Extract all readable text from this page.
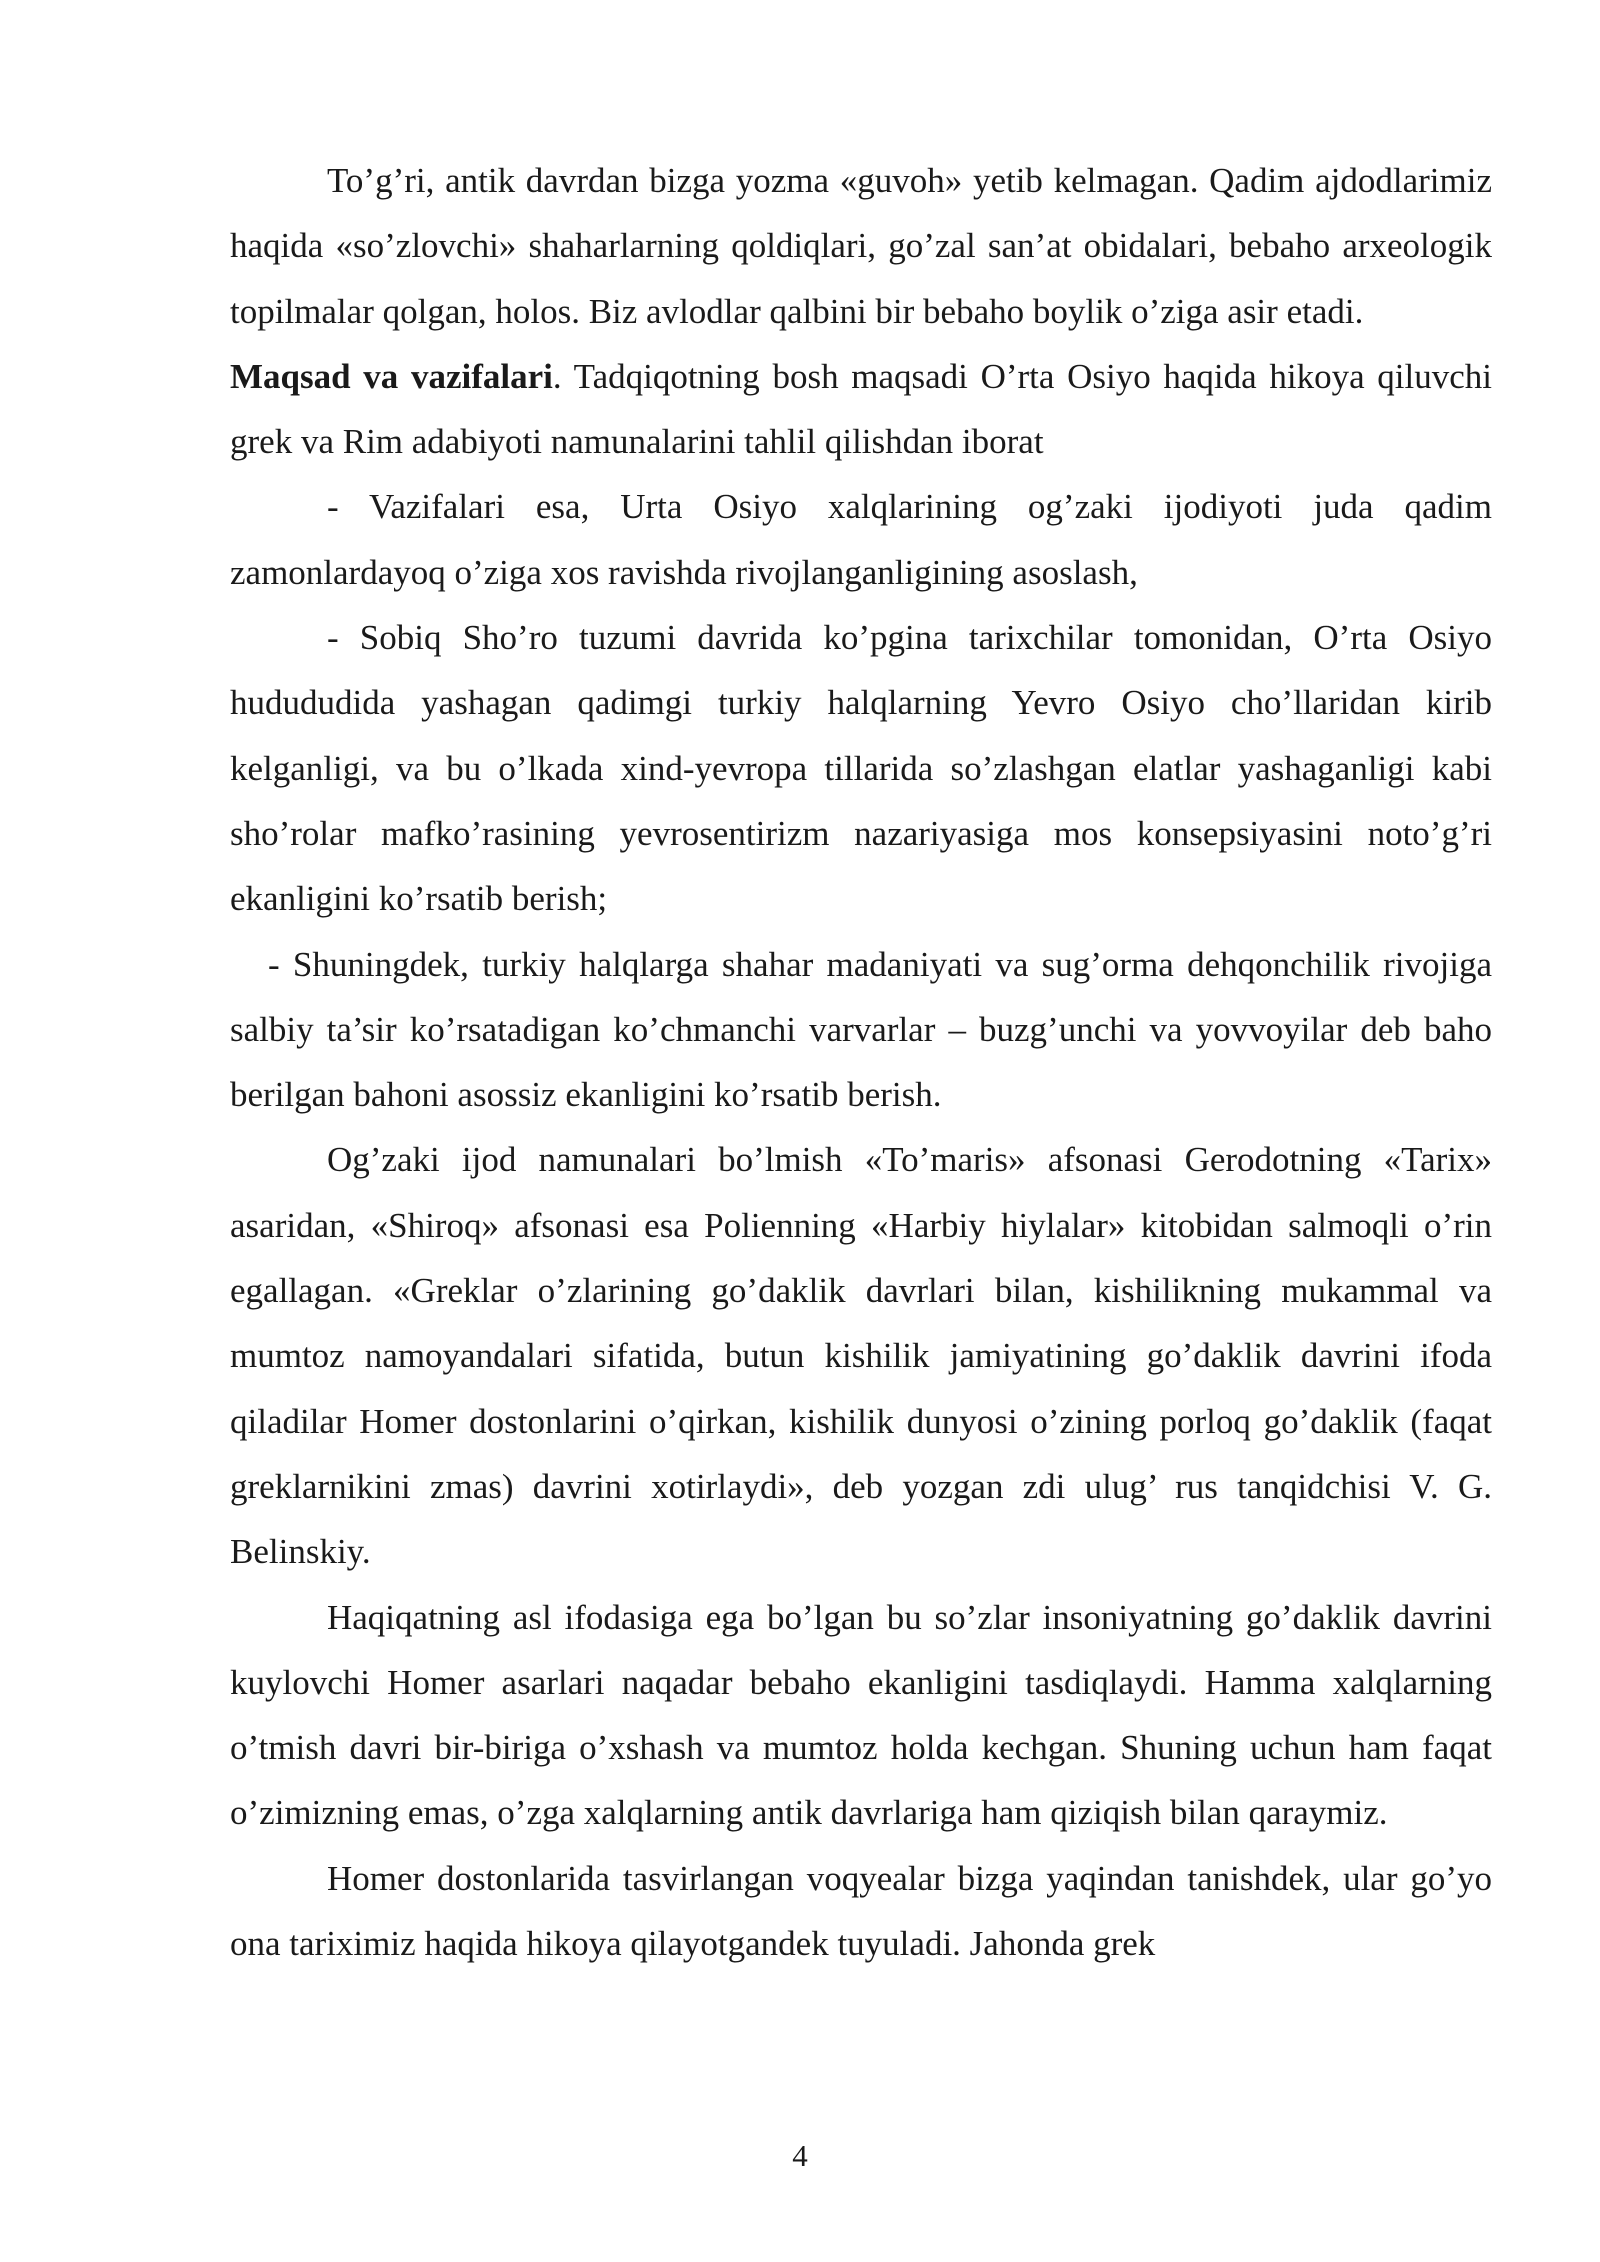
To’g’ri, antik davrdan bizga yozma «guvoh» yetib kelmagan. Qadim ajdodlarimiz haqida «so’zlovchi» shaharlarning qoldiqlari, go’zal san’at obidalari, bebaho arxeologik topilmalar qolgan, holos. Biz avlodlar qalbini bir bebaho boylik o’ziga asir etadi.

Maqsad va vazifalari. Tadqiqotning bosh maqsadi O’rta Osiyo haqida hikoya qiluvchi grek va Rim adabiyoti namunalarini tahlil qilishdan iborat

- Vazifalari esa, Urta Osiyo xalqlarining og’zaki ijodiyoti juda qadim zamonlardayoq o’ziga xos ravishda rivojlanganligining asoslash,

- Sobiq Sho’ro tuzumi davrida ko’pgina tarixchilar tomonidan, O’rta Osiyo hudududida yashagan qadimgi turkiy halqlarning Yevro Osiyo cho’llaridan kirib kelganligi, va bu o’lkada xind-yevropa tillarida so’zlashgan elatlar yashaganligi kabi sho’rolar mafko’rasining yevrosentirizm nazariyasiga mos konsepsiyasini noto’g’ri ekanligini ko’rsatib berish;

- Shuningdek, turkiy halqlarga shahar madaniyati va sug’orma dehqonchilik rivojiga salbiy ta’sir ko’rsatadigan ko’chmanchi varvarlar – buzg’unchi va yovvoyilar deb baho berilgan bahoni asossiz ekanligini ko’rsatib berish.

Og’zaki ijod namunalari bo’lmish «To’maris» afsonasi Gerodotning «Tarix» asaridan, «Shiroq» afsonasi esa Polienning «Harbiy hiylalar» kitobidan salmoqli o’rin egallagan. «Greklar o’zlarining go’daklik davrlari bilan, kishilikning mukammal va mumtoz namoyandalari sifatida, butun kishilik jamiyatining go’daklik davrini ifoda qiladilar Homer dostonlarini o’qirkan, kishilik dunyosi o’zining porloq go’daklik (faqat greklarnikini zmas) davrini xotirlaydi», deb yozgan zdi ulug’ rus tanqidchisi V. G. Belinskiy.

Haqiqatning asl ifodasiga ega bo’lgan bu so’zlar insoniyatning go’daklik davrini kuylovchi Homer asarlari naqadar bebaho ekanligini tasdiqlaydi. Hamma xalqlarning o’tmish davri bir-biriga o’xshash va mumtoz holda kechgan. Shuning uchun ham faqat o’zimizning emas, o’zga xalqlarning antik davrlariga ham qiziqish bilan qaraymiz.

Homer dostonlarida tasvirlangan voqyealar bizga yaqindan tanishdek, ular go’yo ona tariximiz haqida hikoya qilayotgandek tuyuladi. Jahonda grek

4
